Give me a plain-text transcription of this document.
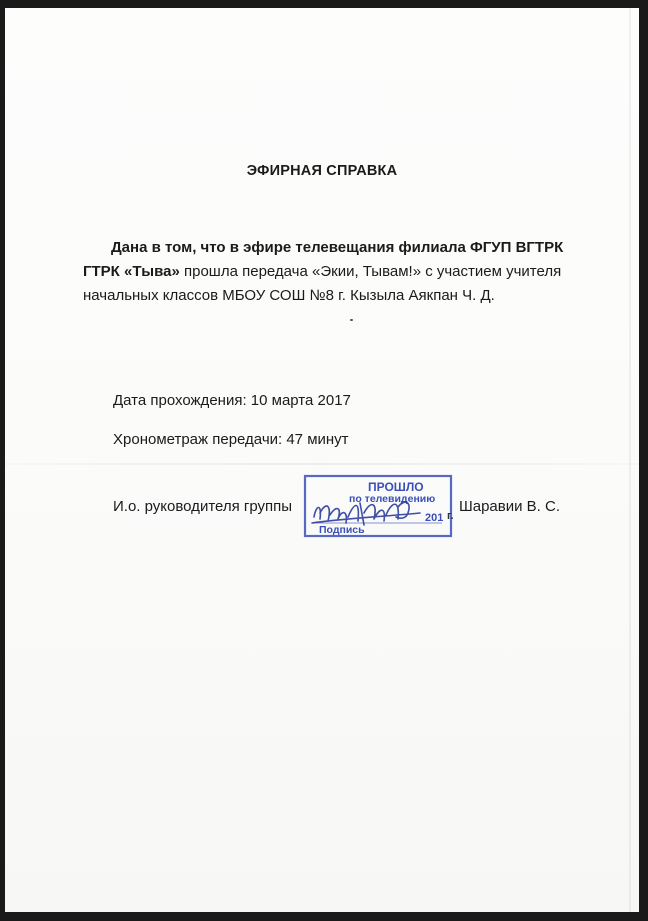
ЭФИРНАЯ СПРАВКА
Дана в том, что в эфире телевещания филиала ФГУП ВГТРК
ГТРК «Тыва» прошла передача «Экии, Тывам!» с участием учителя
начальных классов МБОУ СОШ №8 г. Кызыла Аякпан Ч. Д.
Дата прохождения: 10 марта 2017
Хронометраж передачи: 47 минут
И.о. руководителя группы	Шаравии В. С.
ПРОШЛО
по телевидению
201 г.
Подпись
